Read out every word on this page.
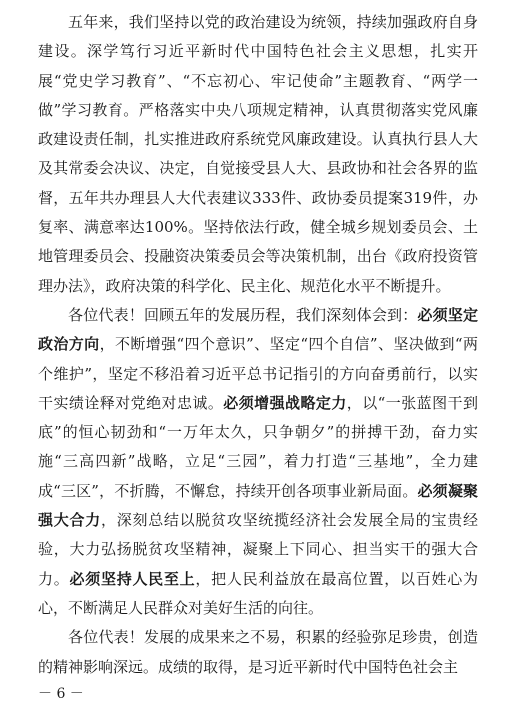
五年来，我们坚持以党的政治建设为统领，持续加强政府自身建设。深学笃行习近平新时代中国特色社会主义思想，扎实开展“党史学习教育”、“不忘初心、牢记使命”主题教育、“两学一做”学习教育。严格落实中央八项规定精神，认真贯彻落实党风廉政建设责任制，扎实推进政府系统党风廉政建设。认真执行县人大及其常委会决议、决定，自觉接受县人大、县政协和社会各界的监督，五年共办理县人大代表建议333件、政协委员提案319件，办复率、满意率达100%。坚持依法行政，健全城乡规划委员会、土地管理委员会、投融资决策委员会等决策机制，出台《政府投资管理办法》，政府决策的科学化、民主化、规范化水平不断提升。

各位代表！回顾五年的发展历程，我们深刻体会到：必须坚定政治方向，不断增强“四个意识”、坚定“四个自信”、坚决做到“两个维护”，坚定不移沿着习近平总书记指引的方向奋勇前行，以实干实绩诠释对党绝对忠诚。必须增强战略定力，以“一张蓝图干到底”的恒心韧劲和“一万年太久，只争朝夕”的拼搏干劲，奋力实施“三高四新”战略，立足“三园”，着力打造“三基地”，全力建成“三区”，不折腾，不懈怠，持续开创各项事业新局面。必须凝聚强大合力，深刻总结以脱贫攻坚统揽经济社会发展全局的宝贵经验，大力弘扬脱贫攻坚精神，凝聚上下同心、担当实干的强大合力。必须坚持人民至上，把人民利益放在最高位置，以百姓心为心，不断满足人民群众对美好生活的向往。

各位代表！发展的成果来之不易，积累的经验弥足珍贵，创造的精神影响深远。成绩的取得，是习近平新时代中国特色社会主

－ 6 －
